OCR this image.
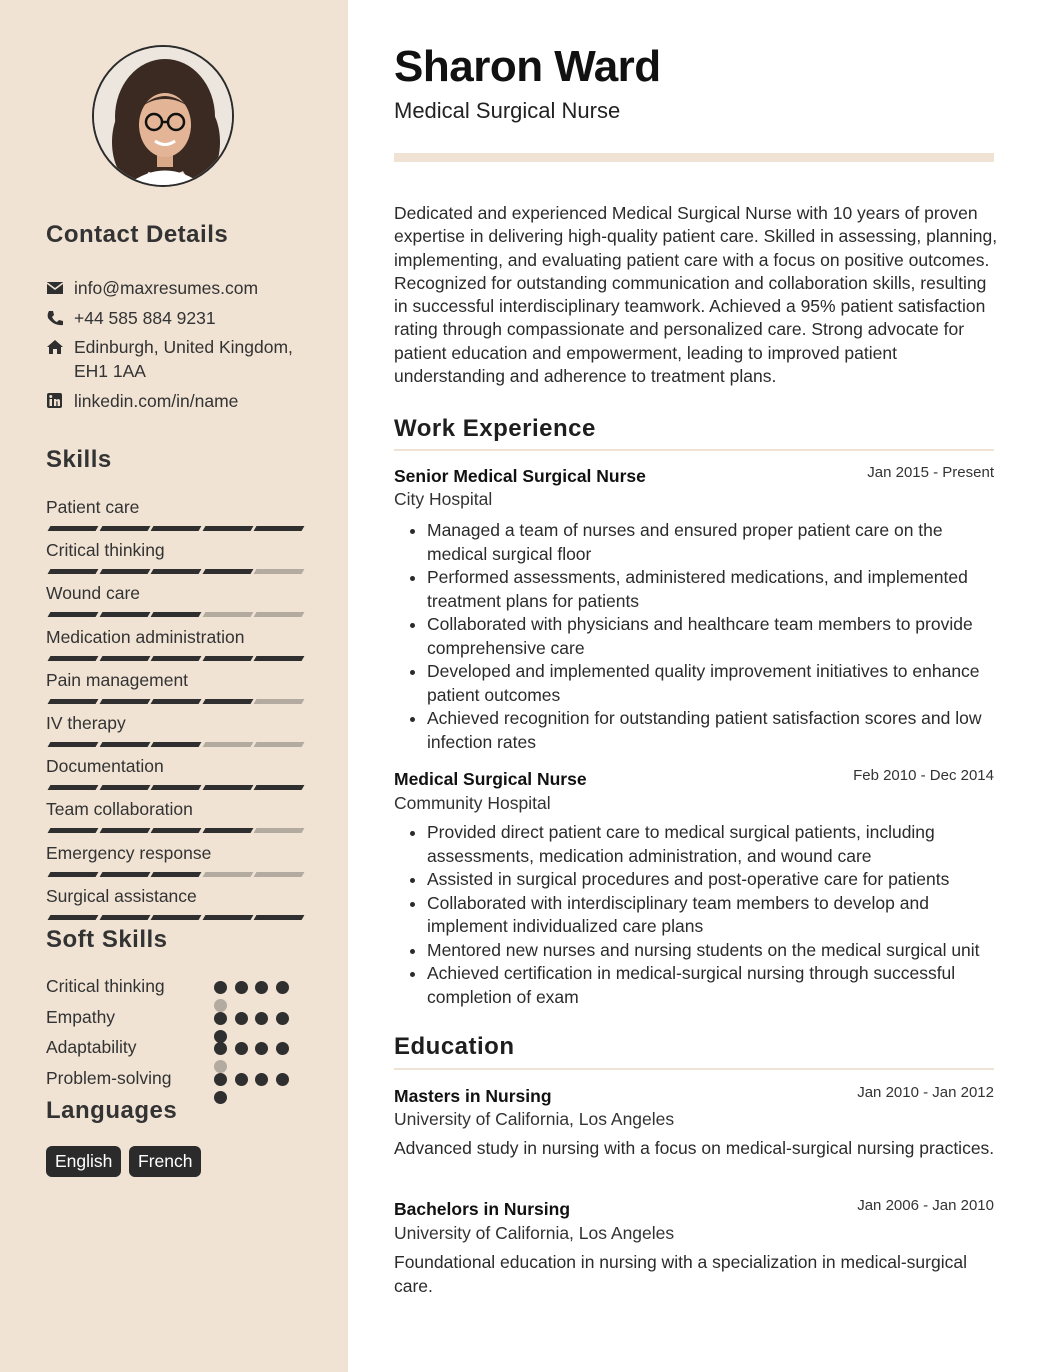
Contact Details
info@maxresumes.com
+44 585 884 9231
Edinburgh, United Kingdom, EH1 1AA
linkedin.com/in/name
Skills
Patient care
Critical thinking
Wound care
Medication administration
Pain management
IV therapy
Documentation
Team collaboration
Emergency response
Surgical assistance
Soft Skills
Critical thinking
Empathy
Adaptability
Problem-solving
Languages
English	French
Sharon Ward
Medical Surgical Nurse

Dedicated and experienced Medical Surgical Nurse with 10 years of proven expertise in delivering high-quality patient care. Skilled in assessing, planning, implementing, and evaluating patient care with a focus on positive outcomes. Recognized for outstanding communication and collaboration skills, resulting in successful interdisciplinary teamwork. Achieved a 95% patient satisfaction rating through compassionate and personalized care. Strong advocate for patient education and empowerment, leading to improved patient understanding and adherence to treatment plans.

Work Experience
Senior Medical Surgical Nurse	Jan 2015 - Present
City Hospital
• Managed a team of nurses and ensured proper patient care on the medical surgical floor
• Performed assessments, administered medications, and implemented treatment plans for patients
• Collaborated with physicians and healthcare team members to provide comprehensive care
• Developed and implemented quality improvement initiatives to enhance patient outcomes
• Achieved recognition for outstanding patient satisfaction scores and low infection rates
Medical Surgical Nurse	Feb 2010 - Dec 2014
Community Hospital
• Provided direct patient care to medical surgical patients, including assessments, medication administration, and wound care
• Assisted in surgical procedures and post-operative care for patients
• Collaborated with interdisciplinary team members to develop and implement individualized care plans
• Mentored new nurses and nursing students on the medical surgical unit
• Achieved certification in medical-surgical nursing through successful completion of exam
Education
Masters in Nursing	Jan 2010 - Jan 2012
University of California, Los Angeles

Advanced study in nursing with a focus on medical-surgical nursing practices.

Bachelors in Nursing	Jan 2006 - Jan 2010
University of California, Los Angeles

Foundational education in nursing with a specialization in medical-surgical care.
